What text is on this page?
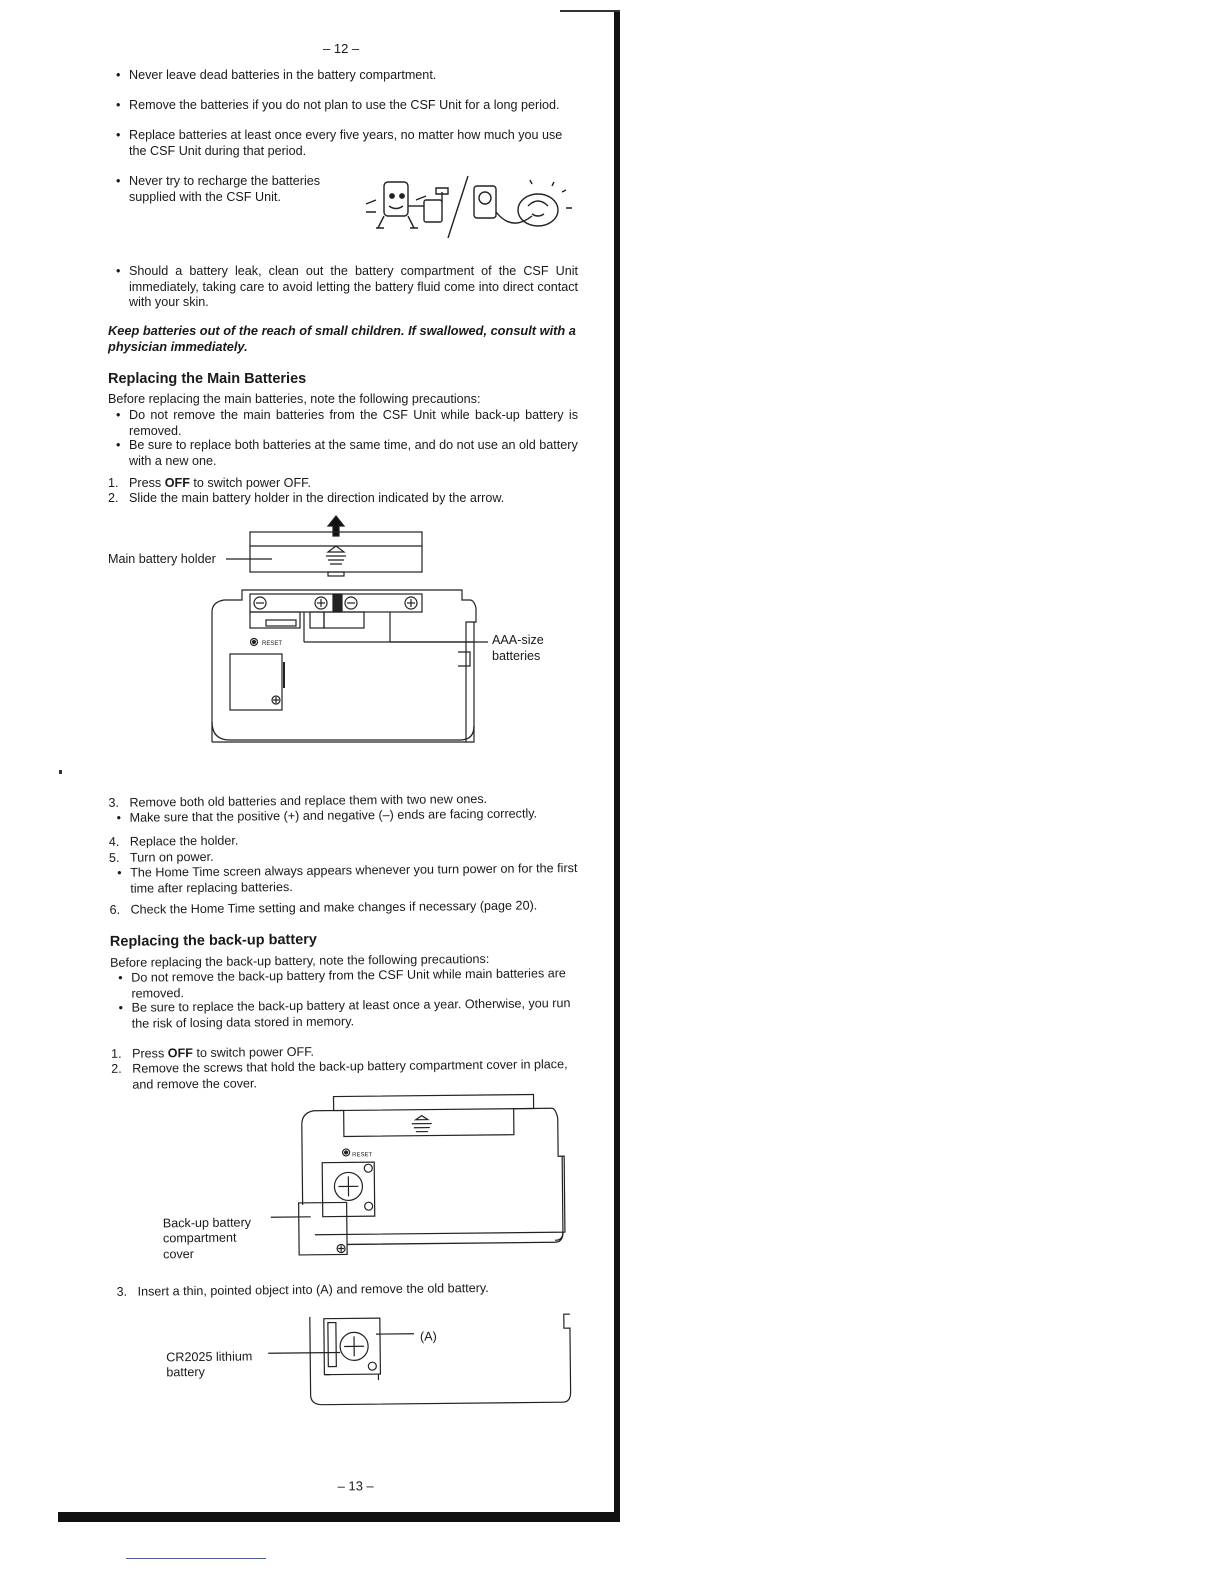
– 12 –
• Never leave dead batteries in the battery compartment.
• Remove the batteries if you do not plan to use the CSF Unit for a long period.
• Replace batteries at least once every five years, no matter how much you use the CSF Unit during that period.
• Never try to recharge the batteries supplied with the CSF Unit.
• Should a battery leak, clean out the battery compartment of the CSF Unit immediately, taking care to avoid letting the battery fluid come into direct contact with your skin.
Keep batteries out of the reach of small children. If swallowed, consult with a physician immediately.
Replacing the Main Batteries
Before replacing the main batteries, note the following precautions:
• Do not remove the main batteries from the CSF Unit while back-up battery is removed.
• Be sure to replace both batteries at the same time, and do not use an old battery with a new one.
1. Press OFF to switch power OFF.
2. Slide the main battery holder in the direction indicated by the arrow.
Main battery holder
AAA-size
batteries
RESET
3. Remove both old batteries and replace them with two new ones.
• Make sure that the positive (+) and negative (–) ends are facing correctly.
4. Replace the holder.
5. Turn on power.
• The Home Time screen always appears whenever you turn power on for the first time after replacing batteries.
6. Check the Home Time setting and make changes if necessary (page 20).
Replacing the back-up battery
Before replacing the back-up battery, note the following precautions:
• Do not remove the back-up battery from the CSF Unit while main batteries are removed.
• Be sure to replace the back-up battery at least once a year. Otherwise, you run the risk of losing data stored in memory.
1. Press OFF to switch power OFF.
2. Remove the screws that hold the back-up battery compartment cover in place, and remove the cover.
Back-up battery
compartment
cover
RESET
3. Insert a thin, pointed object into (A) and remove the old battery.
CR2025 lithium
battery
(A)
– 13 –
